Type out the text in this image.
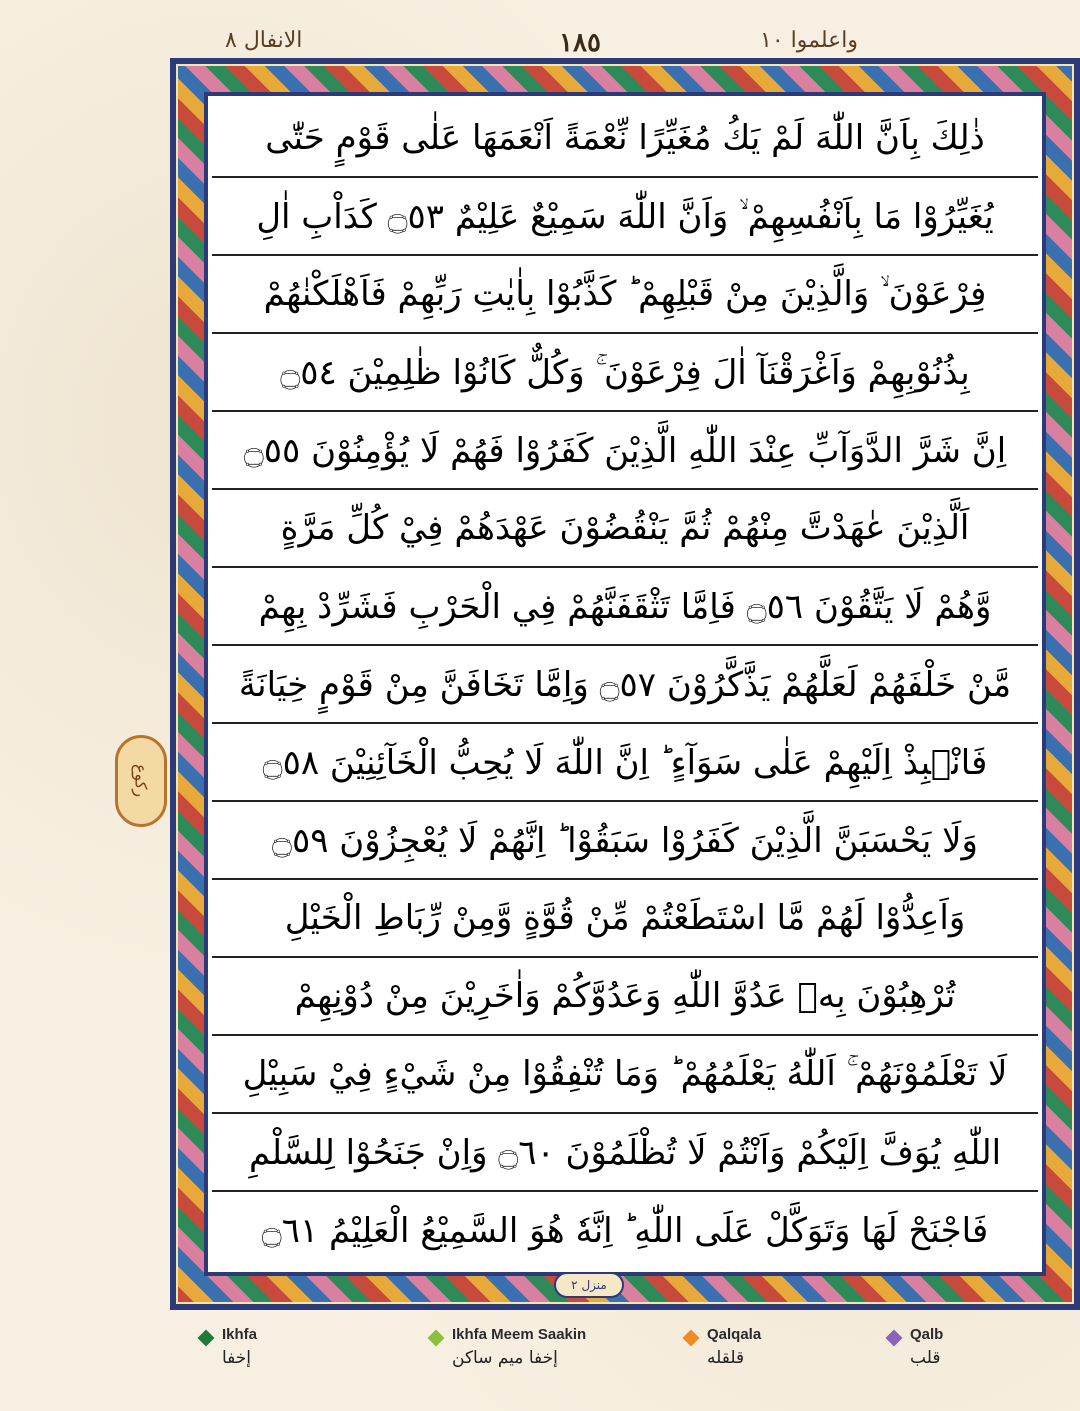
الانفال ٨	١٨٥	واعلموا ١٠
ذٰلِكَ بِاَنَّ اللّٰهَ لَمْ يَكُ مُغَيِّرًا نِّعْمَةً اَنْعَمَهَا عَلٰى قَوْمٍ حَتّٰى
يُغَيِّرُوْا مَا بِاَنْفُسِهِمْ ۙ وَاَنَّ اللّٰهَ سَمِيْعٌ عَلِيْمٌ ۝٥٣ كَدَاْبِ اٰلِ
فِرْعَوْنَ ۙ وَالَّذِيْنَ مِنْ قَبْلِهِمْ ؕ كَذَّبُوْا بِاٰيٰتِ رَبِّهِمْ فَاَهْلَكْنٰهُمْ
بِذُنُوْبِهِمْ وَاَغْرَقْنَآ اٰلَ فِرْعَوْنَ ۚ وَكُلٌّ كَانُوْا ظٰلِمِيْنَ ۝٥٤
اِنَّ شَرَّ الدَّوَآبِّ عِنْدَ اللّٰهِ الَّذِيْنَ كَفَرُوْا فَهُمْ لَا يُؤْمِنُوْنَ ۝٥٥
اَلَّذِيْنَ عٰهَدْتَّ مِنْهُمْ ثُمَّ يَنْقُضُوْنَ عَهْدَهُمْ فِيْ كُلِّ مَرَّةٍ
وَّهُمْ لَا يَتَّقُوْنَ ۝٥٦ فَاِمَّا تَثْقَفَنَّهُمْ فِي الْحَرْبِ فَشَرِّدْ بِهِمْ
مَّنْ خَلْفَهُمْ لَعَلَّهُمْ يَذَّكَّرُوْنَ ۝٥٧ وَاِمَّا تَخَافَنَّ مِنْ قَوْمٍ خِيَانَةً
فَانْۢبِذْ اِلَيْهِمْ عَلٰى سَوَآءٍ ؕ اِنَّ اللّٰهَ لَا يُحِبُّ الْخَآئِنِيْنَ ۝٥٨
وَلَا يَحْسَبَنَّ الَّذِيْنَ كَفَرُوْا سَبَقُوْا ؕ اِنَّهُمْ لَا يُعْجِزُوْنَ ۝٥٩
وَاَعِدُّوْا لَهُمْ مَّا اسْتَطَعْتُمْ مِّنْ قُوَّةٍ وَّمِنْ رِّبَاطِ الْخَيْلِ
تُرْهِبُوْنَ بِهٖ عَدُوَّ اللّٰهِ وَعَدُوَّكُمْ وَاٰخَرِيْنَ مِنْ دُوْنِهِمْ
لَا تَعْلَمُوْنَهُمْ ۚ اَللّٰهُ يَعْلَمُهُمْ ؕ وَمَا تُنْفِقُوْا مِنْ شَيْءٍ فِيْ سَبِيْلِ
اللّٰهِ يُوَفَّ اِلَيْكُمْ وَاَنْتُمْ لَا تُظْلَمُوْنَ ۝٦٠ وَاِنْ جَنَحُوْا لِلسَّلْمِ
فَاجْنَحْ لَهَا وَتَوَكَّلْ عَلَى اللّٰهِ ؕ اِنَّهٗ هُوَ السَّمِيْعُ الْعَلِيْمُ ۝٦١
ركوع
منزل ٢
Ikhfa
إخفا
Ikhfa Meem Saakin
إخفا میم ساکن
Qalqala
قلقله
Qalb
قلب
